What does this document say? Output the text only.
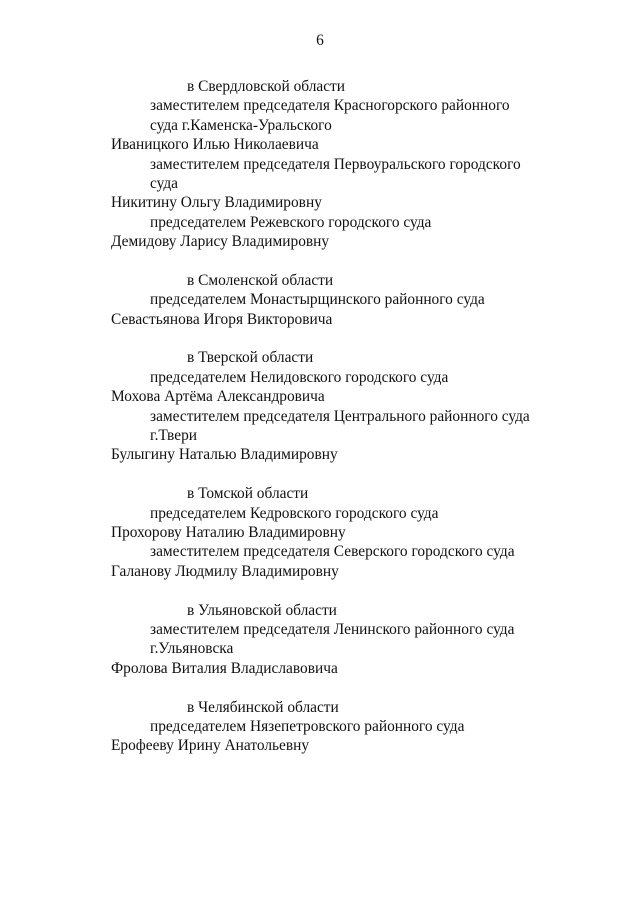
6
в Свердловской области
заместителем председателя Красногорского районного
суда г.Каменска-Уральского
Иваницкого Илью Николаевича
заместителем председателя Первоуральского городского
суда
Никитину Ольгу Владимировну
председателем Режевского городского суда
Демидову Ларису Владимировну
в Смоленской области
председателем Монастырщинского районного суда
Севастьянова Игоря Викторовича
в Тверской области
председателем Нелидовского городского суда
Мохова Артёма Александровича
заместителем председателя Центрального районного суда
г.Твери
Булыгину Наталью Владимировну
в Томской области
председателем Кедровского городского суда
Прохорову Наталию Владимировну
заместителем председателя Северского городского суда
Галанову Людмилу Владимировну
в Ульяновской области
заместителем председателя Ленинского районного суда
г.Ульяновска
Фролова Виталия Владиславовича
в Челябинской области
председателем Нязепетровского районного суда
Ерофееву Ирину Анатольевну
